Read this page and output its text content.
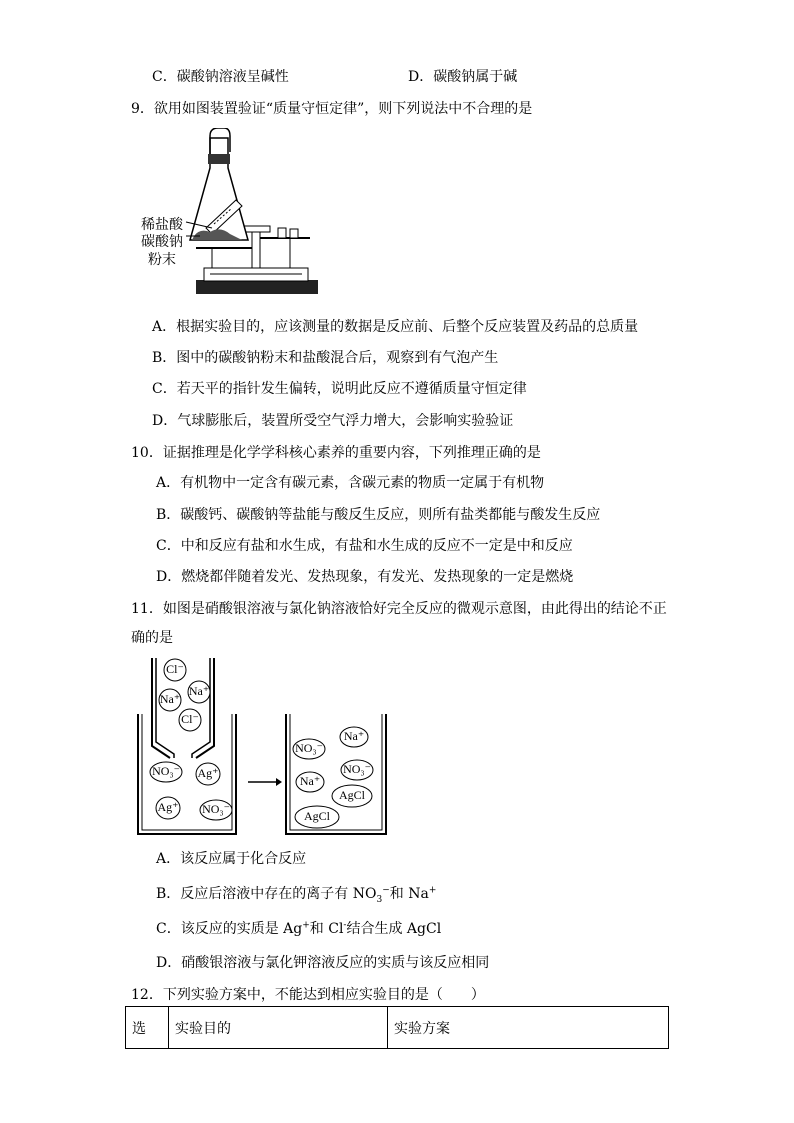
C．碳酸钠溶液呈碱性	D．碳酸钠属于碱
9．欲用如图装置验证“质量守恒定律”，则下列说法中不合理的是
稀盐酸
碳酸钠
粉末
A．根据实验目的，应该测量的数据是反应前、后整个反应装置及药品的总质量
B．图中的碳酸钠粉末和盐酸混合后，观察到有气泡产生
C．若天平的指针发生偏转，说明此反应不遵循质量守恒定律
D．气球膨胀后，装置所受空气浮力增大，会影响实验验证
10．证据推理是化学学科核心素养的重要内容，下列推理正确的是
A．有机物中一定含有碳元素，含碳元素的物质一定属于有机物
B．碳酸钙、碳酸钠等盐能与酸反生反应，则所有盐类都能与酸发生反应
C．中和反应有盐和水生成，有盐和水生成的反应不一定是中和反应
D．燃烧都伴随着发光、发热现象，有发光、发热现象的一定是燃烧
11．如图是硝酸银溶液与氯化钠溶液恰好完全反应的微观示意图，由此得出的结论不正
确的是
Cl⁻
Na⁺
Na⁺
Cl⁻
NO₃⁻ Ag⁺
Ag⁺ NO₃⁻
Na⁺
NO₃⁻
NO₃⁻
Na⁺
AgCl
AgCl
A．该反应属于化合反应
B．反应后溶液中存在的离子有 $NO_3^-$和 Na+
C．该反应的实质是 Ag+和 Cl-结合生成 AgCl
D．硝酸银溶液与氯化钾溶液反应的实质与该反应相同
12．下列实验方案中，不能达到相应实验目的是（　　）
选	实验目的	实验方案
